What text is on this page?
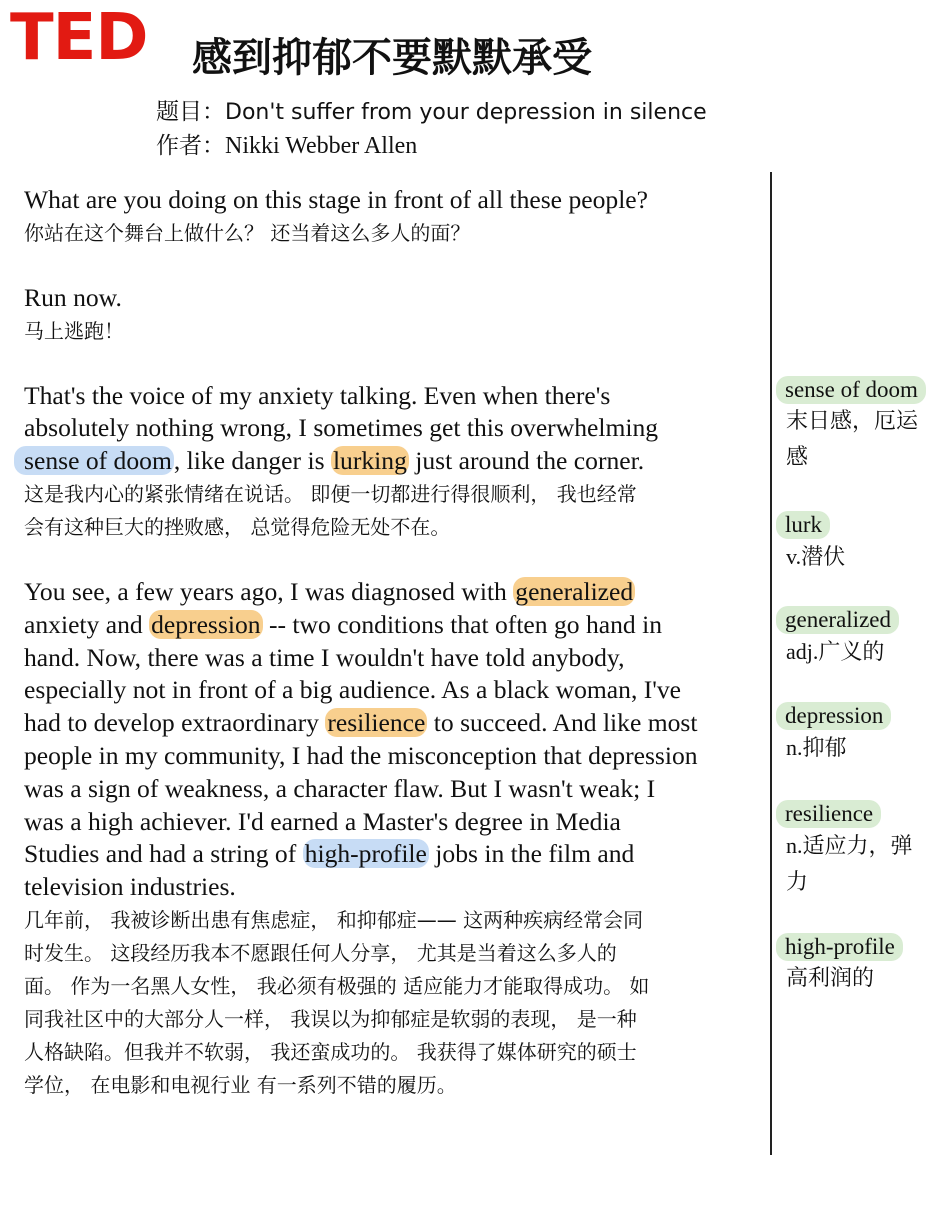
TED 感到抑郁不要默默承受
题目：Don't suffer from your depression in silence
作者：Nikki Webber Allen
What are you doing on this stage in front of all these people?
你站在这个舞台上做什么？ 还当着这么多人的面？
Run now.
马上逃跑！
That's the voice of my anxiety talking. Even when there's
absolutely nothing wrong, I sometimes get this overwhelming
sense of doom, like danger is lurking just around the corner.
这是我内心的紧张情绪在说话。 即便一切都进行得很顺利， 我也经常
会有这种巨大的挫败感， 总觉得危险无处不在。
You see, a few years ago, I was diagnosed with generalized
anxiety and depression -- two conditions that often go hand in
hand. Now, there was a time I wouldn't have told anybody,
especially not in front of a big audience. As a black woman, I've
had to develop extraordinary resilience to succeed. And like most
people in my community, I had the misconception that depression
was a sign of weakness, a character flaw. But I wasn't weak; I
was a high achiever. I'd earned a Master's degree in Media
Studies and had a string of high-profile jobs in the film and
television industries.
几年前， 我被诊断出患有焦虑症， 和抑郁症—— 这两种疾病经常会同
时发生。 这段经历我本不愿跟任何人分享， 尤其是当着这么多人的
面。 作为一名黑人女性， 我必须有极强的 适应能力才能取得成功。 如
同我社区中的大部分人一样， 我误以为抑郁症是软弱的表现， 是一种
人格缺陷。但我并不软弱， 我还蛮成功的。 我获得了媒体研究的硕士
学位， 在电影和电视行业 有一系列不错的履历。
sense of doom
末日感，厄运
感
lurk
v.潜伏
generalized
adj.广义的
depression
n.抑郁
resilience
n.适应力，弹
力
high-profile
高利润的
